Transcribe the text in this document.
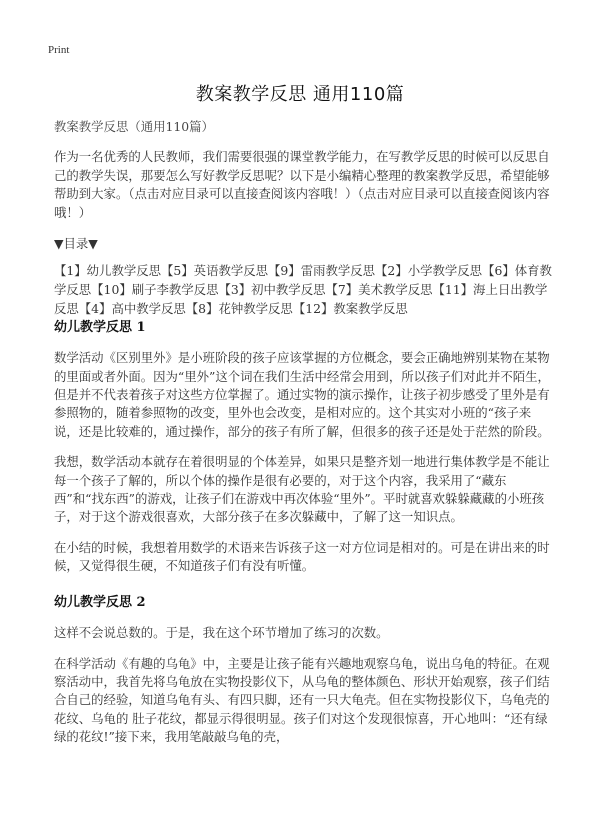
Print
教案教学反思 通用110篇

教案教学反思（通用110篇）

作为一名优秀的人民教师，我们需要很强的课堂教学能力，在写教学反思的时候可以反思自己的教学失误，那要怎么写好教学反思呢？以下是小编精心整理的教案教学反思，希望能够帮助到大家。（点击对应目录可以直接查阅该内容哦！）（点击对应目录可以直接查阅该内容哦！）

▼目录▼

【1】幼儿教学反思【5】英语教学反思【9】雷雨教学反思【2】小学教学反思【6】体育教学反思【10】刷子李教学反思【3】初中教学反思【7】美术教学反思【11】海上日出教学反思【4】高中教学反思【8】花钟教学反思【12】教案教学反思

幼儿教学反思 1

数学活动《区别里外》是小班阶段的孩子应该掌握的方位概念，要会正确地辨别某物在某物的里面或者外面。因为“里外”这个词在我们生活中经常会用到，所以孩子们对此并不陌生，但是并不代表着孩子对这些方位掌握了。通过实物的演示操作，让孩子初步感受了里外是有参照物的，随着参照物的改变，里外也会改变，是相对应的。这个其实对小班的“孩子来说，还是比较难的，通过操作，部分的孩子有所了解，但很多的孩子还是处于茫然的阶段。

我想，数学活动本就存在着很明显的个体差异，如果只是整齐划一地进行集体教学是不能让每一个孩子了解的，所以个体的操作是很有必要的，对于这个内容，我采用了“藏东西”和“找东西”的游戏，让孩子们在游戏中再次体验“里外”。平时就喜欢躲躲藏藏的小班孩子，对于这个游戏很喜欢，大部分孩子在多次躲藏中，了解了这一知识点。

在小结的时候，我想着用数学的术语来告诉孩子这一对方位词是相对的。可是在讲出来的时候，又觉得很生硬，不知道孩子们有没有听懂。

幼儿教学反思 2

这样不会说总数的。于是，我在这个环节增加了练习的次数。

在科学活动《有趣的乌龟》中，主要是让孩子能有兴趣地观察乌龟，说出乌龟的特征。在观察活动中，我首先将乌龟放在实物投影仪下，从乌龟的整体颜色、形状开始观察，孩子们结合自己的经验，知道乌龟有头、有四只脚，还有一只大龟壳。但在实物投影仪下，乌龟壳的花纹、乌龟的 肚子花纹，都显示得很明显。孩子们对这个发现很惊喜，开心地叫：“还有绿绿的花纹!”接下来，我用笔敲敲乌龟的壳，
